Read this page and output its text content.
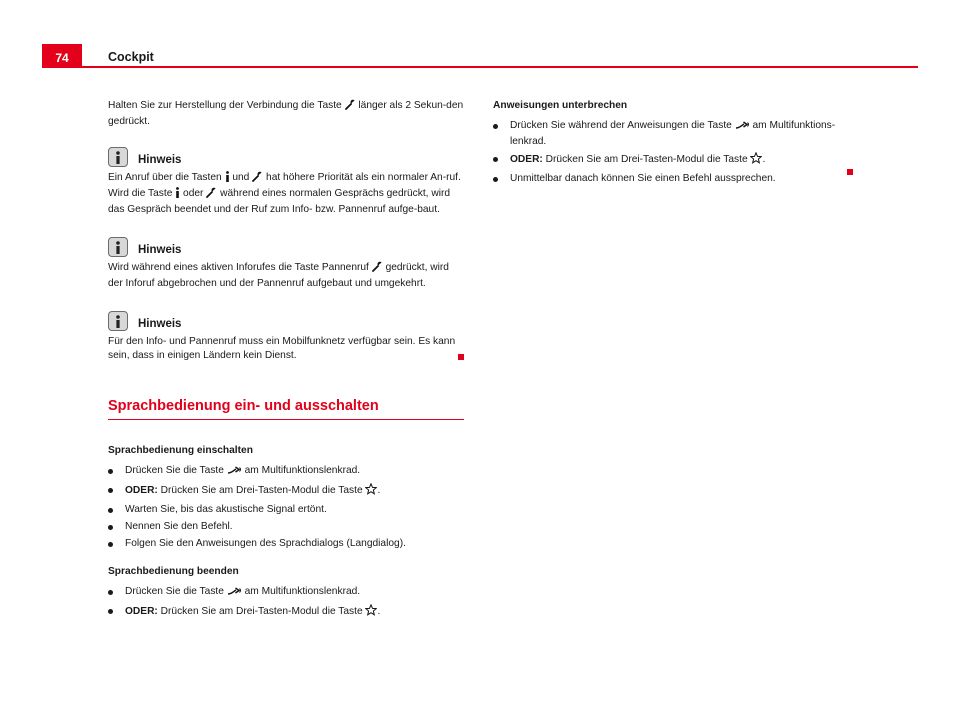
74	Cockpit

Halten Sie zur Herstellung der Verbindung die Taste länger als 2 Sekun-den gedrückt.

Hinweis

Ein Anruf über die Tasten und hat höhere Priorität als ein normaler An-ruf. Wird die Taste oder während eines normalen Gesprächs gedrückt, wird das Gespräch beendet und der Ruf zum Info- bzw. Pannenruf aufge-baut.

Hinweis

Wird während eines aktiven Inforufes die Taste Pannenruf gedrückt, wird der Inforuf abgebrochen und der Pannenruf aufgebaut und umgekehrt.

Hinweis

Für den Info- und Pannenruf muss ein Mobilfunknetz verfügbar sein. Es kann sein, dass in einigen Ländern kein Dienst.

Sprachbedienung ein- und ausschalten

Sprachbedienung einschalten

Drücken Sie die Taste am Multifunktionslenkrad.
ODER: Drücken Sie am Drei-Tasten-Modul die Taste .
Warten Sie, bis das akustische Signal ertönt.
Nennen Sie den Befehl.
Folgen Sie den Anweisungen des Sprachdialogs (Langdialog).

Sprachbedienung beenden

Drücken Sie die Taste am Multifunktionslenkrad.
ODER: Drücken Sie am Drei-Tasten-Modul die Taste .

Anweisungen unterbrechen

Drücken Sie während der Anweisungen die Taste am Multifunktions-lenkrad.
ODER: Drücken Sie am Drei-Tasten-Modul die Taste .
Unmittelbar danach können Sie einen Befehl aussprechen.
